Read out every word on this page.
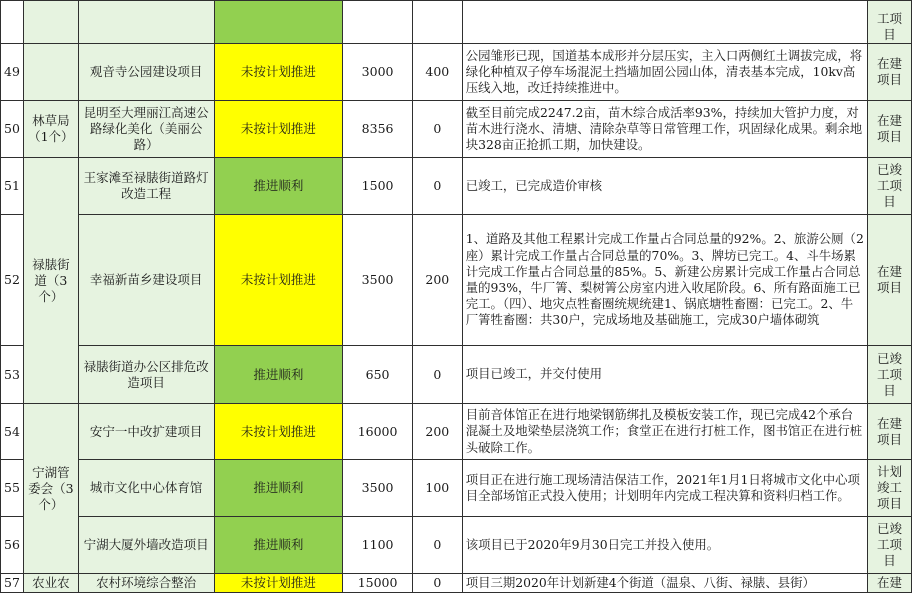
							工项目
49		观音寺公园建设项目	未按计划推进	3000	400	公园雏形已现，国道基本成形并分层压实，主入口两侧红土调拔完成，将绿化种植双子停车场混泥土挡墙加固公园山体，清表基本完成，10kv高压线入地，改迁持续推进中。	在建项目
50	林草局（1个）	昆明至大理丽江高速公路绿化美化（美丽公路）	未按计划推进	8356	0	截至目前完成2247.2亩，苗木综合成活率93%，持续加大管护力度，对苗木进行浇水、清塘、清除杂草等日常管理工作，巩固绿化成果。剩余地块328亩正抢抓工期，加快建设。	在建项目
51	禄脿街道（3个）	王家滩至禄脿街道路灯改造工程	推进顺利	1500	0	已竣工，已完成造价审核	已竣工项目
52		幸福新苗乡建设项目	未按计划推进	3500	200	1、道路及其他工程累计完成工作量占合同总量的92%。2、旅游公厕（2座）累计完成工作量占合同总量的70%。3、牌坊已完工。4、斗牛场累计完成工作量占合同总量的85%。5、新建公房累计完成工作量占合同总量的93%，牛厂箐、梨树箐公房室内进入收尾阶段。6、所有路面施工已完工。（四）、地灾点牲畜圈统规统建1、锅底塘牲畜圈：已完工。2、牛厂箐牲畜圈：共30户，完成场地及基础施工，完成30户墙体砌筑	在建项目
53		禄脿街道办公区排危改造项目	推进顺利	650	0	项目已竣工，并交付使用	已竣工项目
54	宁湖管委会（3个）	安宁一中改扩建项目	未按计划推进	16000	200	目前音体馆正在进行地梁钢筋绑扎及模板安装工作，现已完成42个承台混凝土及地梁垫层浇筑工作；食堂正在进行打桩工作，图书馆正在进行桩头破除工作。	在建项目
55		城市文化中心体育馆	推进顺利	3500	100	项目正在进行施工现场清洁保洁工作，2021年1月1日将城市文化中心项目全部场馆正式投入使用；计划明年内完成工程决算和资料归档工作。	计划竣工项目
56		宁湖大厦外墙改造项目	推进顺利	1100	0	该项目已于2020年9月30日完工并投入使用。	已竣工项目
57	农业农	农村环境综合整治	未按计划推进	15000	0	项目三期2020年计划新建4个街道（温泉、八街、禄脿、县街）	在建
